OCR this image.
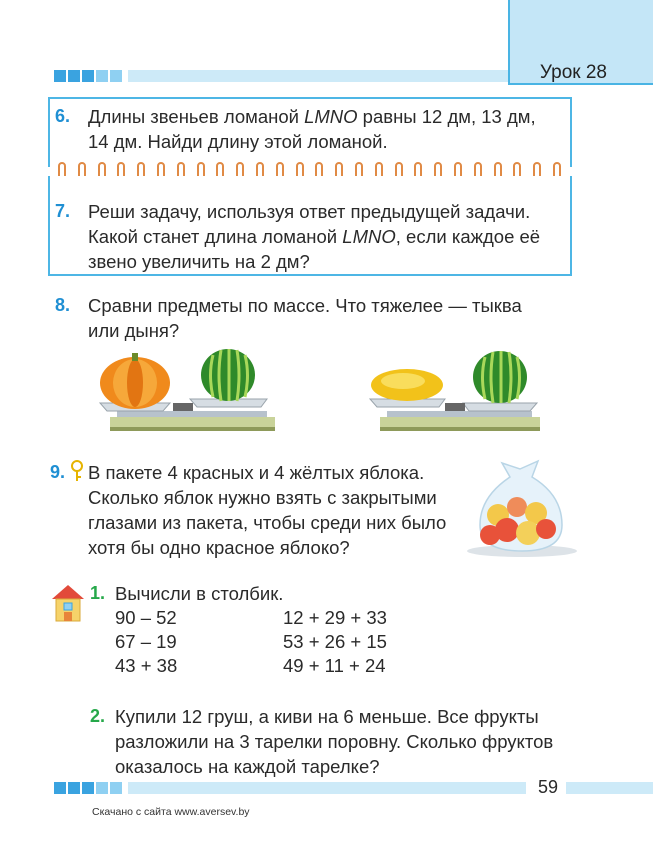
Урок 28
6. Длины звеньев ломаной LMNO равны 12 дм, 13 дм,
14 дм. Найди длину этой ломаной.
7. Реши задачу, используя ответ предыдущей задачи.
Какой станет длина ломаной LMNO, если каждое её
звено увеличить на 2 дм?
8. Сравни предметы по массе. Что тяжелее — тыква
или дыня?
9. В пакете 4 красных и 4 жёлтых яблока.
Сколько яблок нужно взять с закрытыми
глазами из пакета, чтобы среди них было
хотя бы одно красное яблоко?
1. Вычисли в столбик.
90 – 52
67 – 19
43 + 38
12 + 29 + 33
53 + 26 + 15
49 + 11 + 24
2. Купили 12 груш, а киви на 6 меньше. Все фрукты
разложили на 3 тарелки поровну. Сколько фруктов
оказалось на каждой тарелке?
59
Скачано с сайта www.aversev.by
